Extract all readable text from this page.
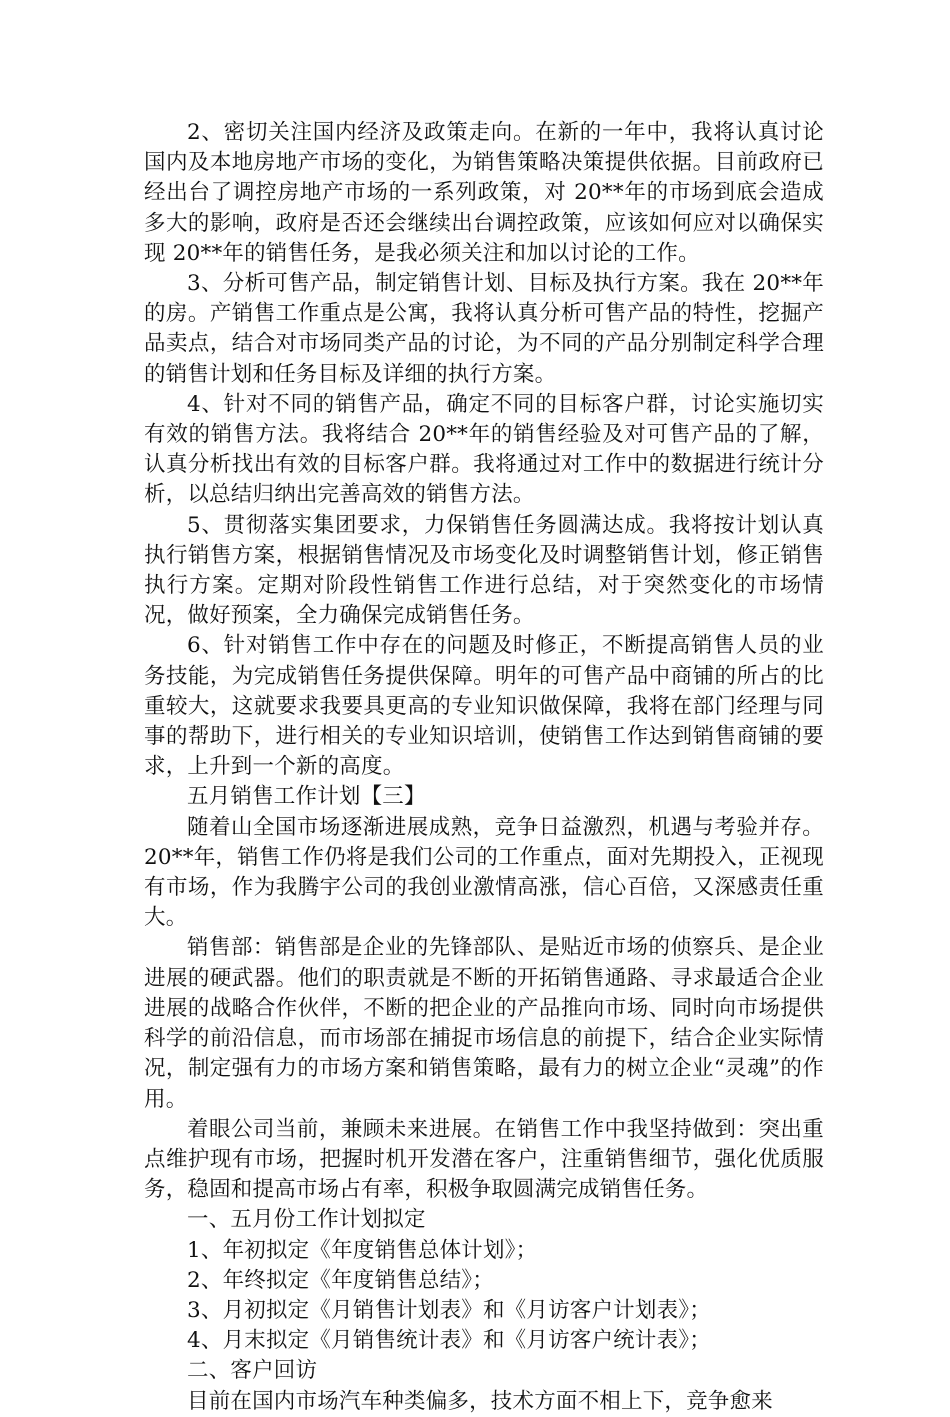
2、密切关注国内经济及政策走向。在新的一年中，我将认真讨论国内及本地房地产市场的变化，为销售策略决策提供依据。目前政府已经出台了调控房地产市场的一系列政策，对 20**年的市场到底会造成多大的影响，政府是否还会继续出台调控政策，应该如何应对以确保实现 20**年的销售任务，是我必须关注和加以讨论的工作。

3、分析可售产品，制定销售计划、目标及执行方案。我在 20**年的房。产销售工作重点是公寓，我将认真分析可售产品的特性，挖掘产品卖点，结合对市场同类产品的讨论，为不同的产品分别制定科学合理的销售计划和任务目标及详细的执行方案。

4、针对不同的销售产品，确定不同的目标客户群，讨论实施切实有效的销售方法。我将结合 20**年的销售经验及对可售产品的了解，认真分析找出有效的目标客户群。我将通过对工作中的数据进行统计分析，以总结归纳出完善高效的销售方法。

5、贯彻落实集团要求，力保销售任务圆满达成。我将按计划认真执行销售方案，根据销售情况及市场变化及时调整销售计划，修正销售执行方案。定期对阶段性销售工作进行总结，对于突然变化的市场情况，做好预案，全力确保完成销售任务。

6、针对销售工作中存在的问题及时修正，不断提高销售人员的业务技能，为完成销售任务提供保障。明年的可售产品中商铺的所占的比重较大，这就要求我要具更高的专业知识做保障，我将在部门经理与同事的帮助下，进行相关的专业知识培训，使销售工作达到销售商铺的要求，上升到一个新的高度。

五月销售工作计划【三】

随着山全国市场逐渐进展成熟，竞争日益激烈，机遇与考验并存。20**年，销售工作仍将是我们公司的工作重点，面对先期投入，正视现有市场，作为我腾宇公司的我创业激情高涨，信心百倍，又深感责任重大。

销售部：销售部是企业的先锋部队、是贴近市场的侦察兵、是企业进展的硬武器。他们的职责就是不断的开拓销售通路、寻求最适合企业进展的战略合作伙伴，不断的把企业的产品推向市场、同时向市场提供科学的前沿信息，而市场部在捕捉市场信息的前提下，结合企业实际情况，制定强有力的市场方案和销售策略，最有力的树立企业“灵魂”的作用。

着眼公司当前，兼顾未来进展。在销售工作中我坚持做到：突出重点维护现有市场，把握时机开发潜在客户，注重销售细节，强化优质服务，稳固和提高市场占有率，积极争取圆满完成销售任务。

一、五月份工作计划拟定

1、年初拟定《年度销售总体计划》；

2、年终拟定《年度销售总结》；

3、月初拟定《月销售计划表》和《月访客户计划表》；

4、月末拟定《月销售统计表》和《月访客户统计表》；

二、客户回访

目前在国内市场汽车种类偏多，技术方面不相上下，竞争愈来
